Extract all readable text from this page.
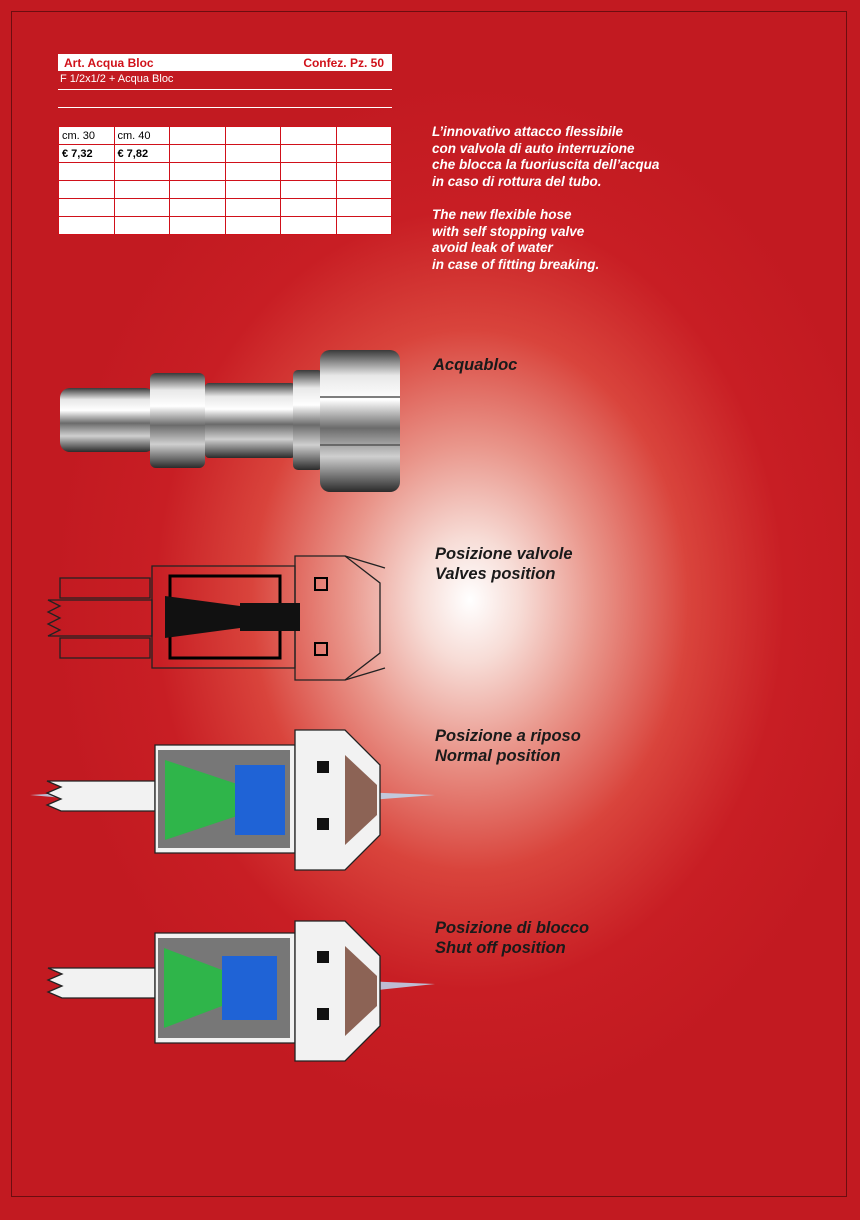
Art. Acqua Bloc	Confez. Pz. 50
F 1/2x1/2 + Acqua Bloc
cm. 30	cm. 40				
€ 7,32	€ 7,82				

L’innovativo attacco flessibile
con valvola di auto interruzione
che blocca la fuoriuscita dell’acqua
in caso di rottura del tubo.
The new flexible hose
with self stopping valve
avoid leak of water
in case of fitting breaking.
Acquabloc
Posizione valvole
Valves position
Posizione a riposo
Normal position
Posizione di blocco
Shut off position
